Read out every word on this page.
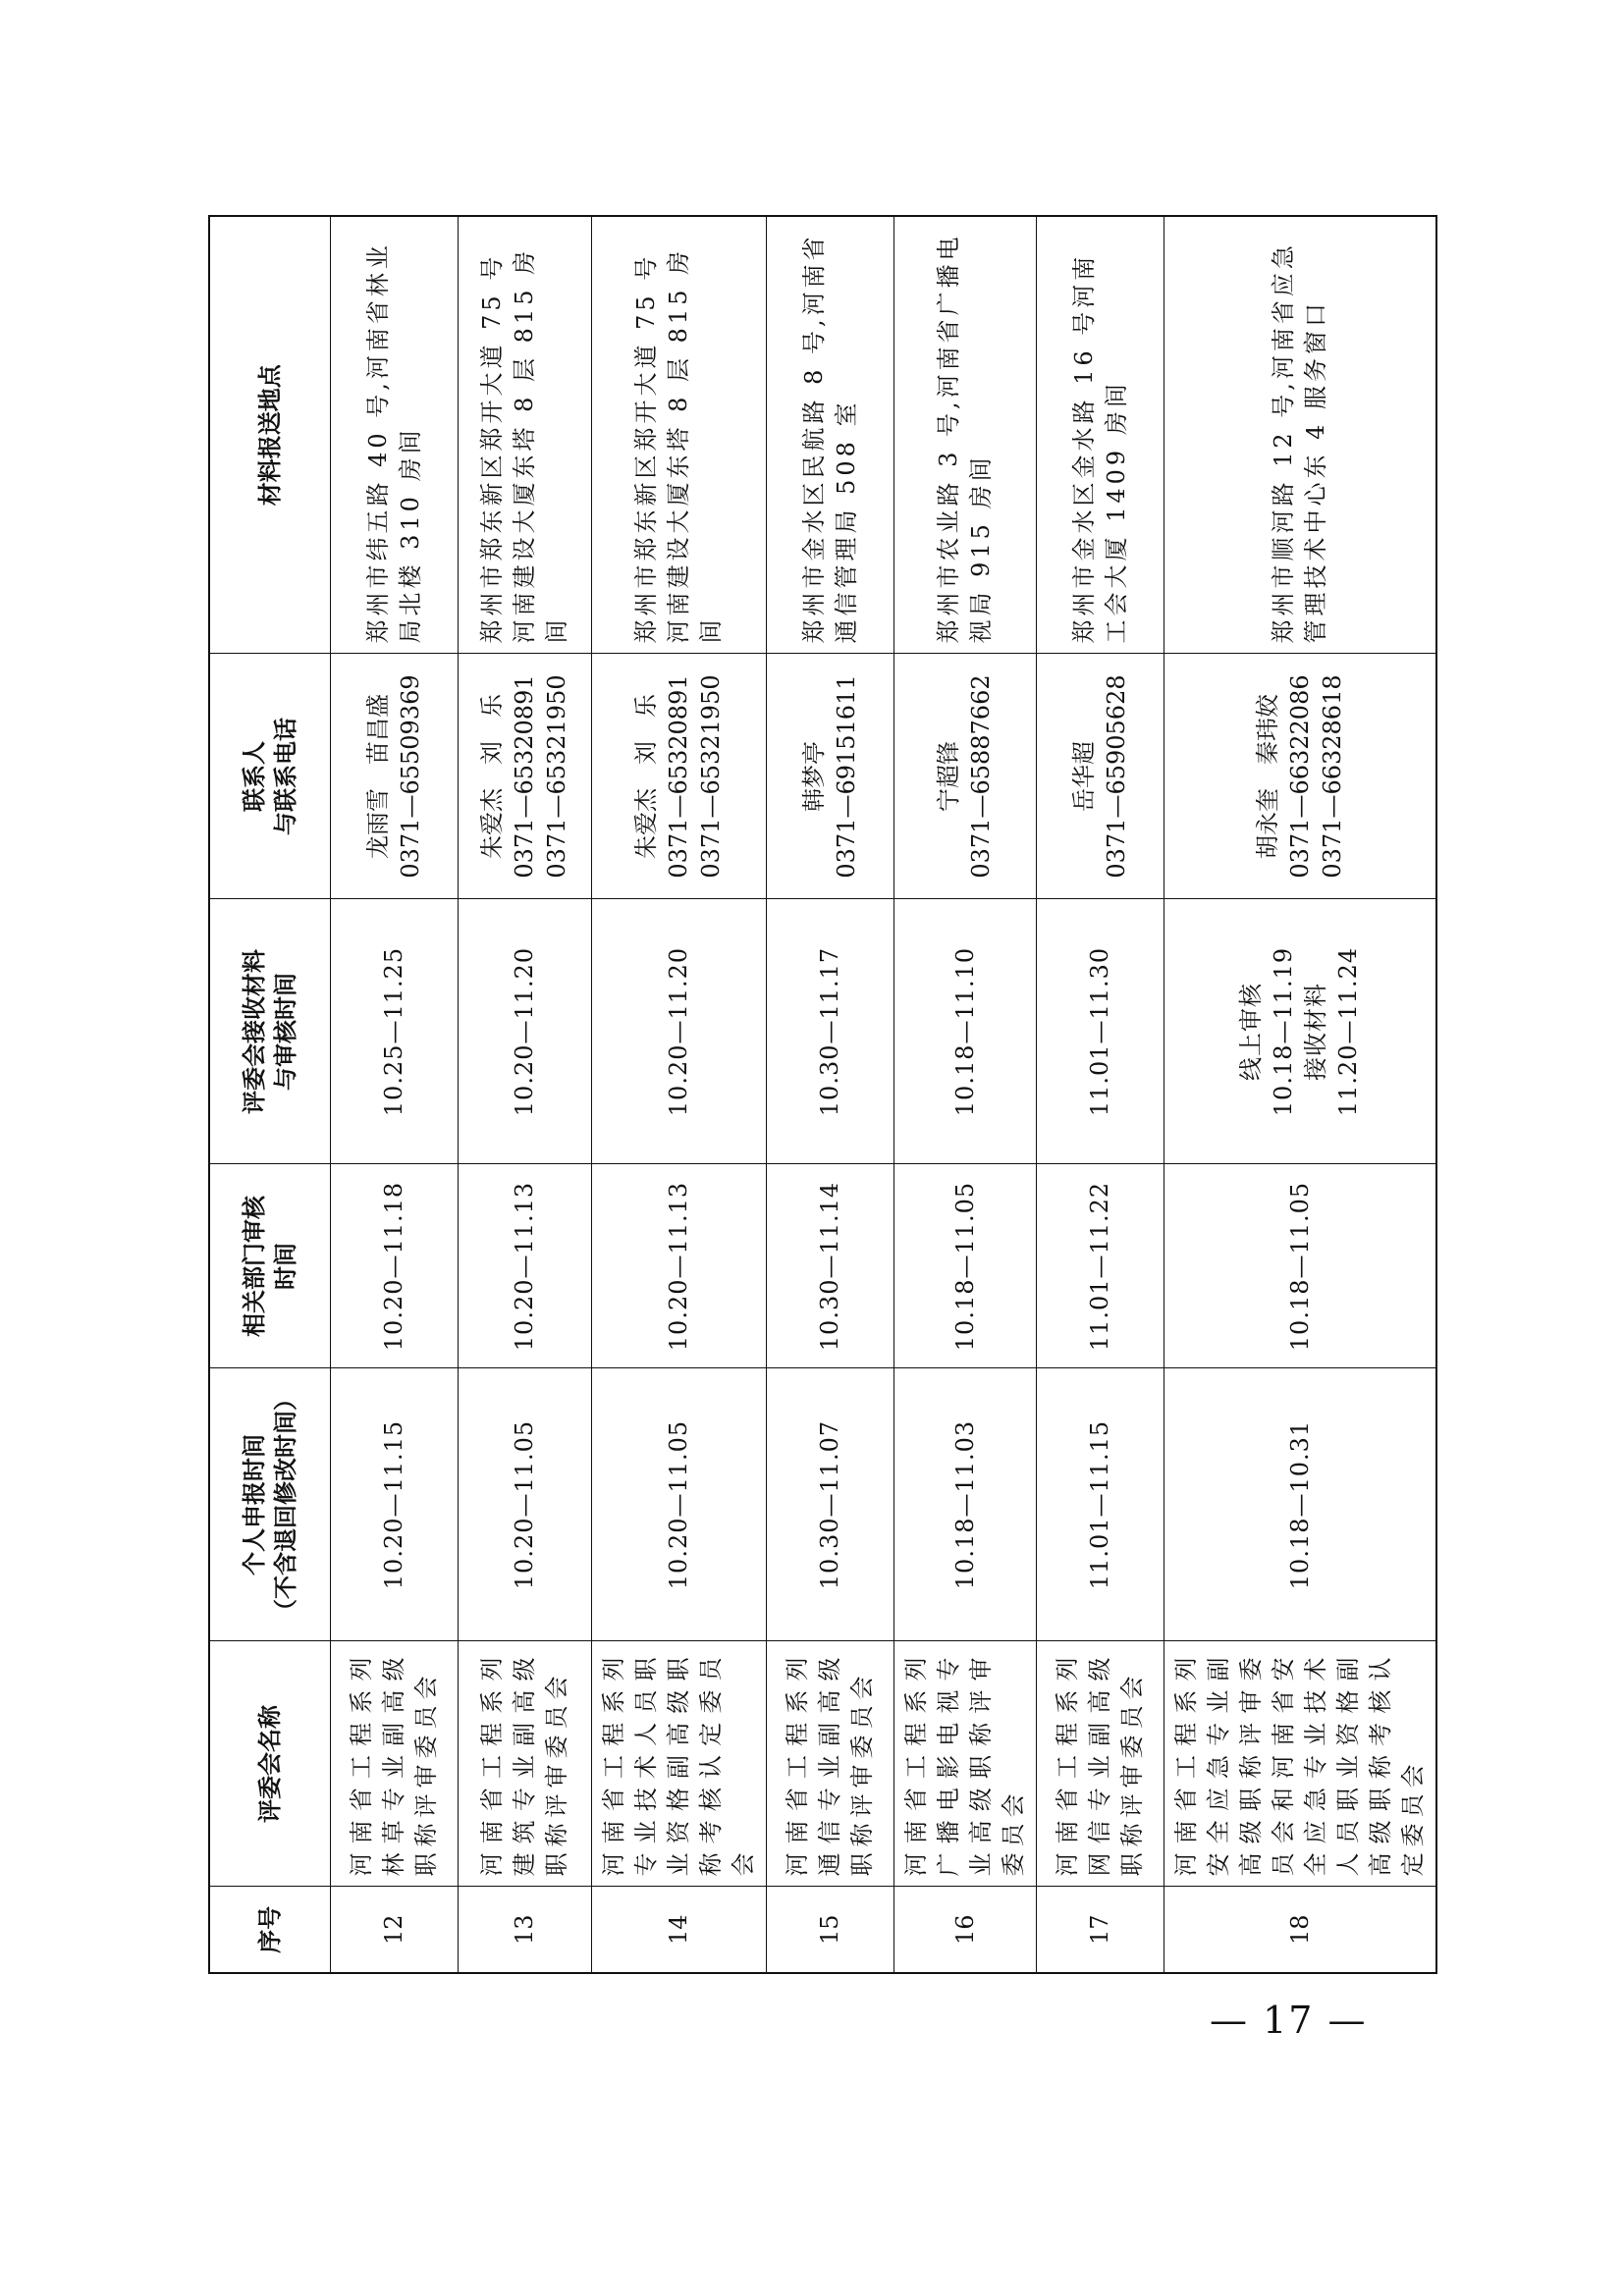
序号	评委会名称	个人申报时间 （不含退回修改时间）	相关部门审核 时间	评委会接收材料 与审核时间	联系人 与联系电话	材料报送地点
12	河南省工程系列林草专业副高级职称评审委员会	10.20—11.15	10.20—11.18	10.25—11.25	龙雨雪　苗昌盛 0371—65509369	郑州市纬五路 40 号,河南省林业局北楼 310 房间
13	河南省工程系列建筑专业副高级职称评审委员会	10.20—11.05	10.20—11.13	10.20—11.20	朱爱杰　刘　乐 0371—65320891 0371—65321950	郑州市郑东新区郑开大道 75 号河南建设大厦东塔 8 层 815 房间
14	河南省工程系列专业技术人员职业资格副高级职称考核认定委员会	10.20—11.05	10.20—11.13	10.20—11.20	朱爱杰　刘　乐 0371—65320891 0371—65321950	郑州市郑东新区郑开大道 75 号河南建设大厦东塔 8 层 815 房间
15	河南省工程系列通信专业副高级职称评审委员会	10.30—11.07	10.30—11.14	10.30—11.17	韩梦亭 0371—69151611	郑州市金水区民航路 8 号,河南省通信管理局 508 室
16	河南省工程系列广播电影电视专业高级职称评审委员会	10.18—11.03	10.18—11.05	10.18—11.10	宁超锋 0371—65887662	郑州市农业路 3 号,河南省广播电视局 915 房间
17	河南省工程系列网信专业副高级职称评审委员会	11.01—11.15	11.01—11.22	11.01—11.30	岳华超 0371—65905628	郑州市金水区金水路 16 号河南工会大厦 1409 房间
18	河南省工程系列安全应急专业副高级职称评审委员会和河南省安全应急专业技术人员职业资格副高级职称考核认定委员会	10.18—10.31	10.18—11.05	线上审核 10.18—11.19 接收材料 11.20—11.24	胡永奎　秦玮姣 0371—66322086 0371—66328618	郑州市顺河路 12 号,河南省应急管理技术中心东 4 服务窗口
— 17 —
